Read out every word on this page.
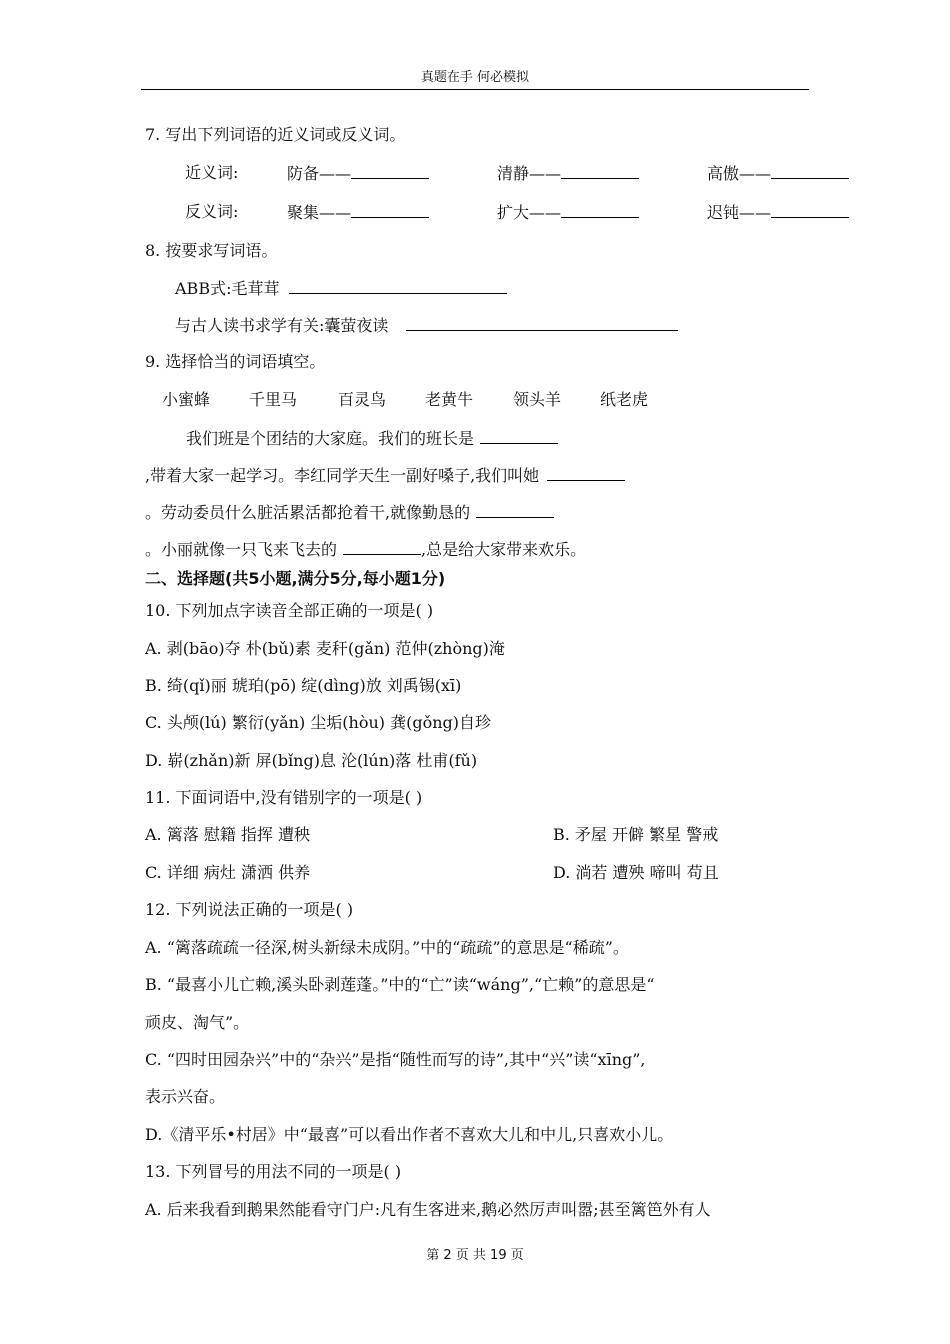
真题在手 何必模拟
7. 写出下列词语的近义词或反义词。
近义词:	防备——	清静——	高傲——
反义词:	聚集——	扩大——	迟钝——
8. 按要求写词语。
ABB式:毛茸茸
与古人读书求学有关:囊萤夜读
9. 选择恰当的词语填空。
小蜜蜂 千里马	百灵鸟 老黄牛 领头羊 纸老虎
我们班是个团结的大家庭。我们的班长是
,带着大家一起学习。李红同学天生一副好嗓子,我们叫她
。劳动委员什么脏活累活都抢着干,就像勤恳的
。小丽就像一只飞来飞去的	,总是给大家带来欢乐。
二、选择题(共5小题,满分5分,每小题1分)
10. 下列加点字读音全部正确的一项是( )
A. 剥(bāo)夺 朴(bǔ)素 麦秆(gǎn) 范仲(zhòng)淹
B. 绮(qǐ)丽 琥珀(pō) 绽(dìng)放 刘禹锡(xī)
C. 头颅(lú) 繁衍(yǎn) 尘垢(hòu) 龚(gǒng)自珍
D. 崭(zhǎn)新 屏(bǐng)息 沦(lún)落 杜甫(fǔ)
11. 下面词语中,没有错别字的一项是( )
A. 篱落 慰籍 指挥 遭秧	B. 矛屋 开僻 繁星 警戒
C. 详细 病灶 潇洒 供养	D. 淌若 遭殃 啼叫 苟且
12. 下列说法正确的一项是( )
A. “篱落疏疏一径深,树头新绿未成阴。”中的“疏疏”的意思是“稀疏”。
B. “最喜小儿亡赖,溪头卧剥莲蓬。”中的“亡”读“wáng”,“亡赖”的意思是“
顽皮、淘气”。
C. “四时田园杂兴”中的“杂兴”是指“随性而写的诗”,其中“兴”读“xīng”,
表示兴奋。
D.《清平乐•村居》中“最喜”可以看出作者不喜欢大儿和中儿,只喜欢小儿。
13. 下列冒号的用法不同的一项是( )
A. 后来我看到鹅果然能看守门户:凡有生客进来,鹅必然厉声叫嚣;甚至篱笆外有人
第 2 页 共 19 页
